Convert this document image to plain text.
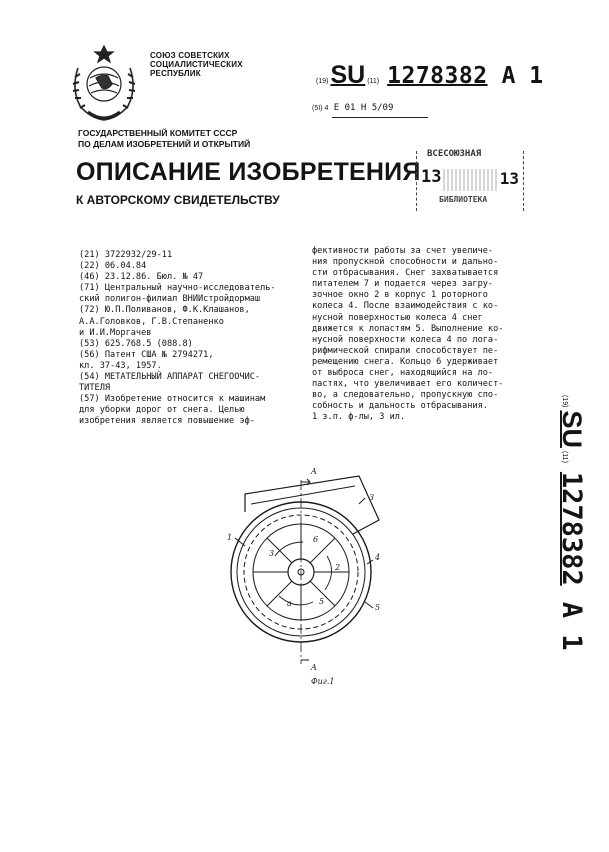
СОЮЗ СОВЕТСКИХ
СОЦИАЛИСТИЧЕСКИХ
РЕСПУБЛИК
(19) SU (11) 1278382 A 1
(5I) 4 E 01 H 5/09
ГОСУДАРСТВЕННЫЙ КОМИТЕТ СССР
ПО ДЕЛАМ ИЗОБРЕТЕНИЙ И ОТКРЫТИЙ
ОПИСАНИЕ ИЗОБРЕТЕНИЯ
К АВТОРСКОМУ СВИДЕТЕЛЬСТВУ
ВСЕСОЮЗНАЯ
13	13
БИБЛИОТЕКА
(21) 3722932/29-11
(22) 06.04.84
(46) 23.12.86. Бюл. № 47
(71) Центральный научно-исследователь-
ский полигон-филиал ВНИИстройдормаш
(72) Ю.П.Поливанов, Ф.К.Клашанов,
А.А.Головков, Г.В.Степаненко
и И.И.Моргачев
(53) 625.768.5 (088.8)
(56) Патент США № 2794271,
кл. 37-43, 1957.
(54) МЕТАТЕЛЬНЫЙ АППАРАТ СНЕГООЧИС-
ТИТЕЛЯ
(57) Изобретение относится к машинам
для уборки дорог от снега. Целью
изобретения является повышение эф-
фективности работы за счет увеличе-
ния пропускной способности и дально-
сти отбрасывания. Снег захватывается
питателем 7 и подается через загру-
зочное окно 2 в корпус 1 роторного
колеса 4. После взаимодействия с ко-
нусной поверхностью колеса 4 снег
движется к лопастям 5. Выполнение ко-
нусной поверхности колеса 4 по лога-
рифмической спирали способствует пе-
ремещению снега. Кольцо 6 удерживает
от выброса снег, находящийся на ло-
пастях, что увеличивает его количест-
во, а следовательно, пропускную спо-
собность и дальность отбрасывания.
1 з.п. ф-лы, 3 ил.
(19)
SU
(11)
1278382
A 1
A
1
3
4
5
6
2
3
a	5
A
Фиг.1
